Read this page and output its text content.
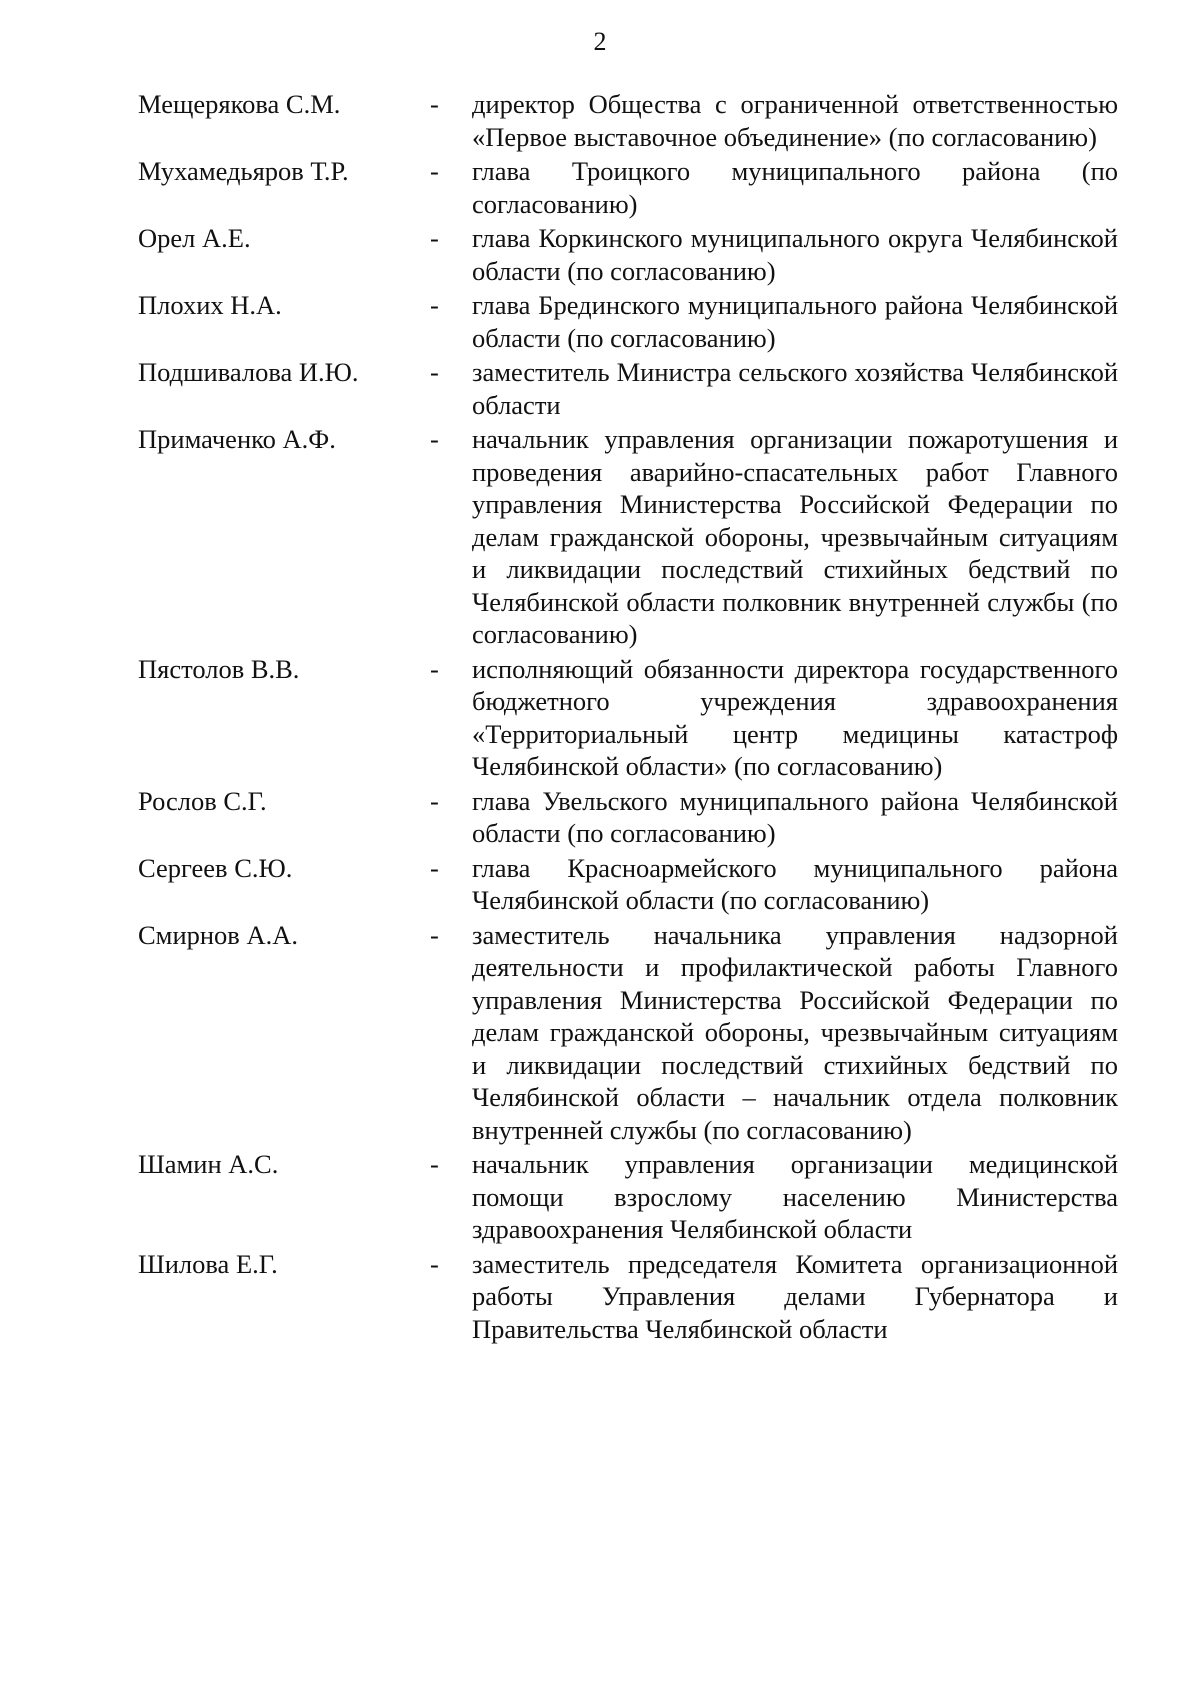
2
Мещерякова С.М.	- директор Общества с ограниченной ответственностью «Первое выставочное объединение» (по согласованию)
Мухамедьяров Т.Р.	- глава Троицкого муниципального района (по согласованию)
Орел А.Е.	- глава Коркинского муниципального округа Челябинской области (по согласованию)
Плохих Н.А.	- глава Брединского муниципального района Челябинской области (по согласованию)
Подшивалова И.Ю.	- заместитель Министра сельского хозяйства Челябинской области
Примаченко А.Ф.	- начальник управления организации пожаротушения и проведения аварийно-спасательных работ Главного управления Министерства Российской Федерации по делам гражданской обороны, чрезвычайным ситуациям и ликвидации последствий стихийных бедствий по Челябинской области полковник внутренней службы (по согласованию)
Пястолов В.В.	- исполняющий обязанности директора государственного бюджетного учреждения здравоохранения «Территориальный центр медицины катастроф Челябинской области» (по согласованию)
Рослов С.Г.	- глава Увельского муниципального района Челябинской области (по согласованию)
Сергеев С.Ю.	- глава Красноармейского муниципального района Челябинской области (по согласованию)
Смирнов А.А.	- заместитель начальника управления надзорной деятельности и профилактической работы Главного управления Министерства Российской Федерации по делам гражданской обороны, чрезвычайным ситуациям и ликвидации последствий стихийных бедствий по Челябинской области – начальник отдела полковник внутренней службы (по согласованию)
Шамин А.С.	- начальник управления организации медицинской помощи взрослому населению Министерства здравоохранения Челябинской области
Шилова Е.Г.	- заместитель председателя Комитета организационной работы Управления делами Губернатора и Правительства Челябинской области
